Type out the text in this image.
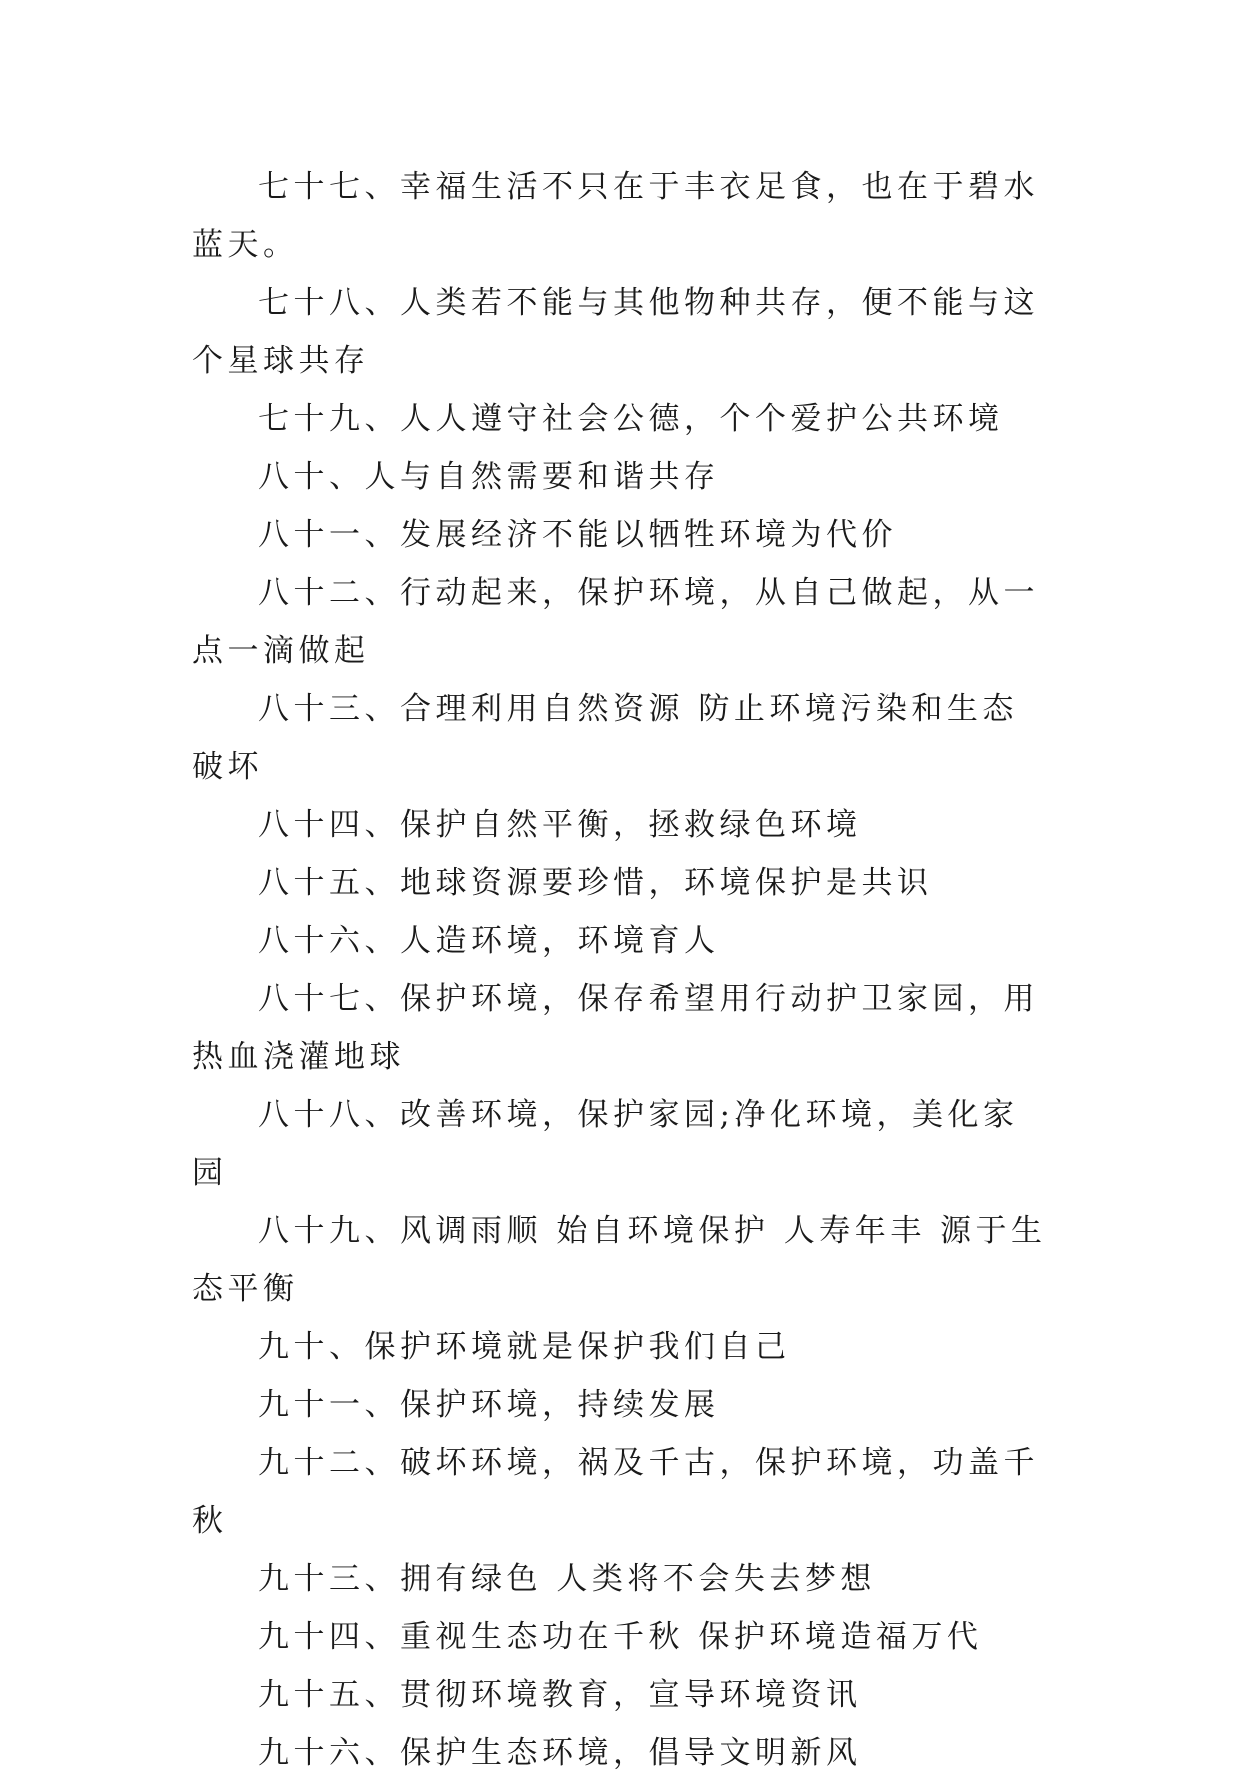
七十七、幸福生活不只在于丰衣足食，也在于碧水蓝天。

七十八、人类若不能与其他物种共存，便不能与这个星球共存

七十九、人人遵守社会公德，个个爱护公共环境

八十、人与自然需要和谐共存

八十一、发展经济不能以牺牲环境为代价

八十二、行动起来，保护环境，从自己做起，从一点一滴做起

八十三、合理利用自然资源 防止环境污染和生态破坏

八十四、保护自然平衡，拯救绿色环境

八十五、地球资源要珍惜，环境保护是共识

八十六、人造环境，环境育人

八十七、保护环境，保存希望用行动护卫家园，用热血浇灌地球

八十八、改善环境，保护家园;净化环境，美化家园

八十九、风调雨顺 始自环境保护 人寿年丰 源于生态平衡

九十、保护环境就是保护我们自己

九十一、保护环境，持续发展

九十二、破坏环境，祸及千古，保护环境，功盖千秋

九十三、拥有绿色 人类将不会失去梦想

九十四、重视生态功在千秋 保护环境造福万代

九十五、贯彻环境教育，宣导环境资讯

九十六、保护生态环境，倡导文明新风
